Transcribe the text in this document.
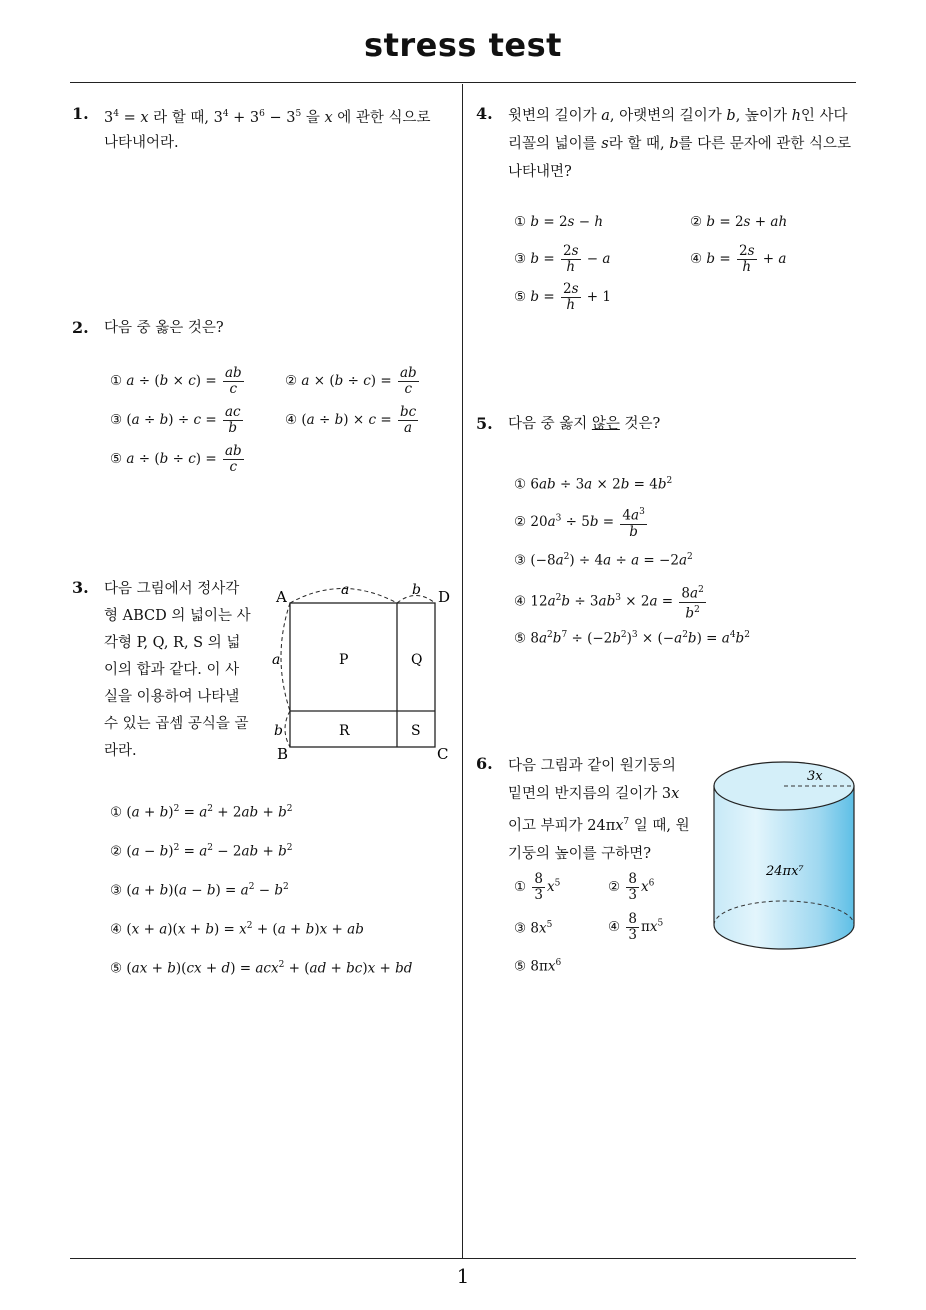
stress test
1
1. $3^4 = x$ 라 할 때, $3^4 + 3^6 - 3^5$ 을 x 에 관한 식으로
나타내어라.
2. 다음 중 옳은 것은?
① $a \div (b \times c) = \frac{ab}{c}$	② $a \times (b \div c) = \frac{ab}{c}$
③ $(a \div b) \div c = \frac{ac}{b}$	④ $(a \div b) \times c = \frac{bc}{a}$
⑤ $a \div (b \div c) = \frac{ab}{c}$
3. 다음 그림에서 정사각
형 ABCD 의 넓이는 사
각형 P, Q, R, S 의 넓
이의 합과 같다. 이 사
실을 이용하여 나타낼
수 있는 곱셈 공식을 골
라라.
A
B	C
D
a	b
a
b
P	Q
R	S
① $(a + b)^2 = a^2 + 2ab + b^2$
② $(a - b)^2 = a^2 - 2ab + b^2$
③ $(a + b)(a - b) = a^2 - b^2$
④ $(x + a)(x + b) = x^2 + (a + b)x$ + ab
⑤ (ax + b)(cx + d) = acx$^2$ + (ad + bc)x + bd
4. 윗변의 길이가 a, 아랫변의 길이가 b, 높이가 h인 사다
리꼴의 넓이를 s라 할 때, b를 다른 문자에 관한 식으로
나타내면?
① b = 2s − h	② b = 2s + ah
③ $b = \frac{2s}{h} - a$	④ $b = \frac{2s}{h} + a$
⑤ $b = \frac{2s}{h} + 1$
5. 다음 중 옳지 않은 것은?
① $6ab \div 3a \times 2b = 4b^2$
② $20a^3 \div 5b = \frac{4a^3}{b}$
③ $(-8a^2) \div 4a \div a = -2a^2$
④ $12a^2b \div 3ab^3 \times 2a = \frac{8a^2}{b^2}$
⑤ $8a^2b^7 \div (-2b^2)^3 \times (-a^2b) = a^4b^2$
6. 다음 그림과 같이 원기둥의
밑면의 반지름의 길이가 3x
이고 부피가 $24\pi x^7$ 일 때, 원
기둥의 높이를 구하면?
3x
24πx⁷
① $\frac{8}{3} x^5$	② $\frac{8}{3} x^6$
③ $8x^5$	④ $\frac{8}{3} \pi x^5$
⑤ $8\pi x^6$
